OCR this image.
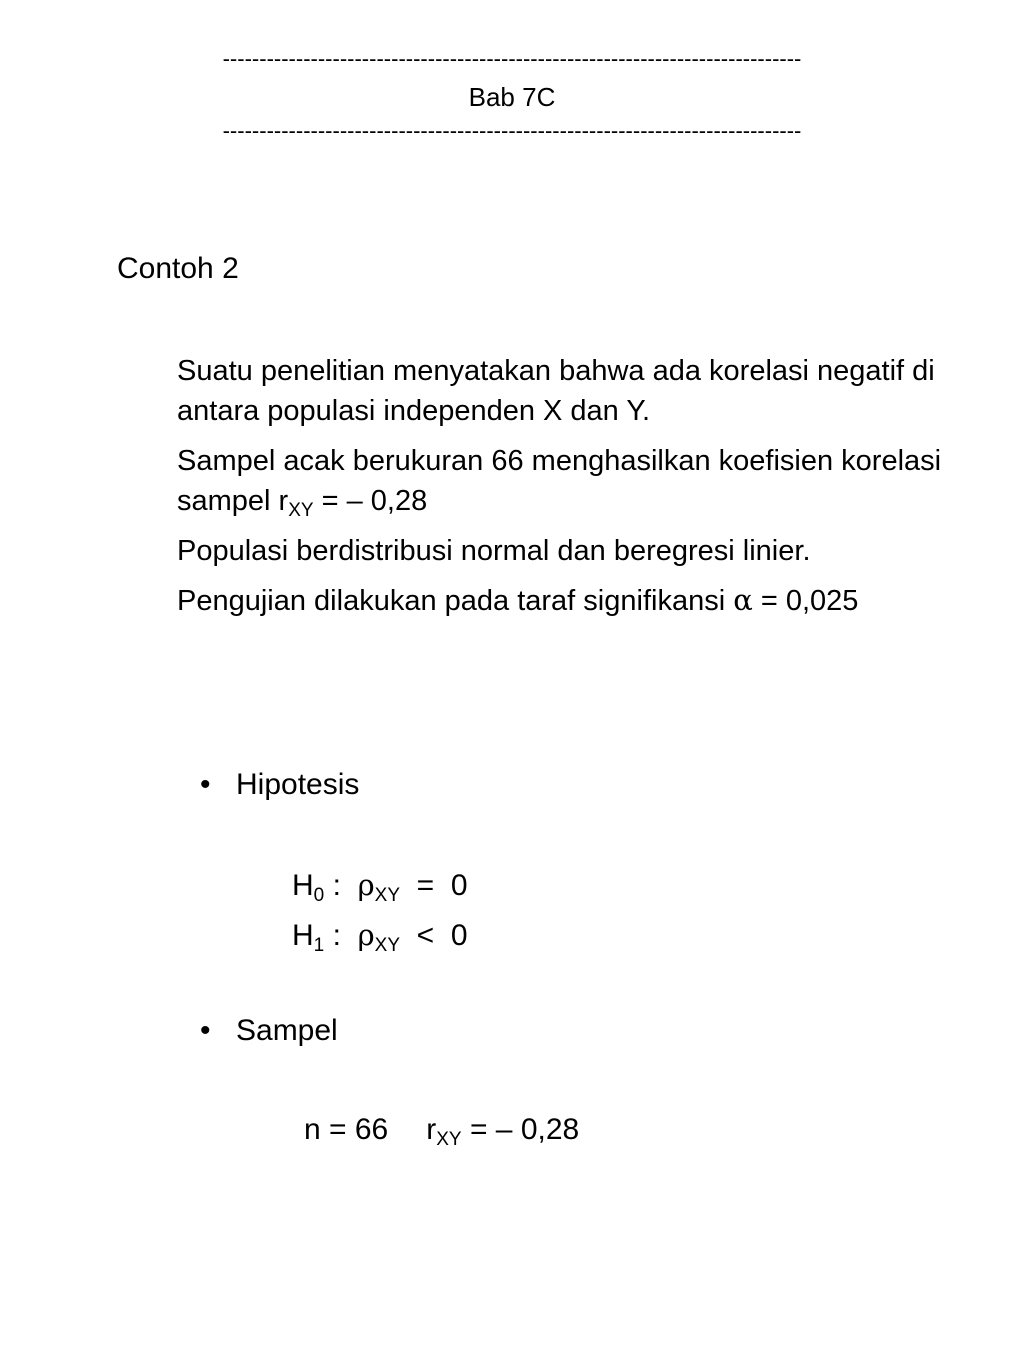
-------------------------------------------------------------------------------
Bab 7C
-------------------------------------------------------------------------------
Contoh 2
Suatu penelitian menyatakan bahwa ada korelasi negatif di antara populasi independen X dan Y.
Sampel acak berukuran 66 menghasilkan koefisien korelasi sampel $r_{XY}$ = – 0,28
Populasi berdistribusi normal dan beregresi linier.
Pengujian dilakukan pada taraf signifikansi α = 0,025
• Hipotesis
$H_0$ :  $\rho_{XY} = 0$
$H_1$ :  $\rho_{XY} < 0$
• Sampel
n = 66 $r_{XY}$ = – 0,28
